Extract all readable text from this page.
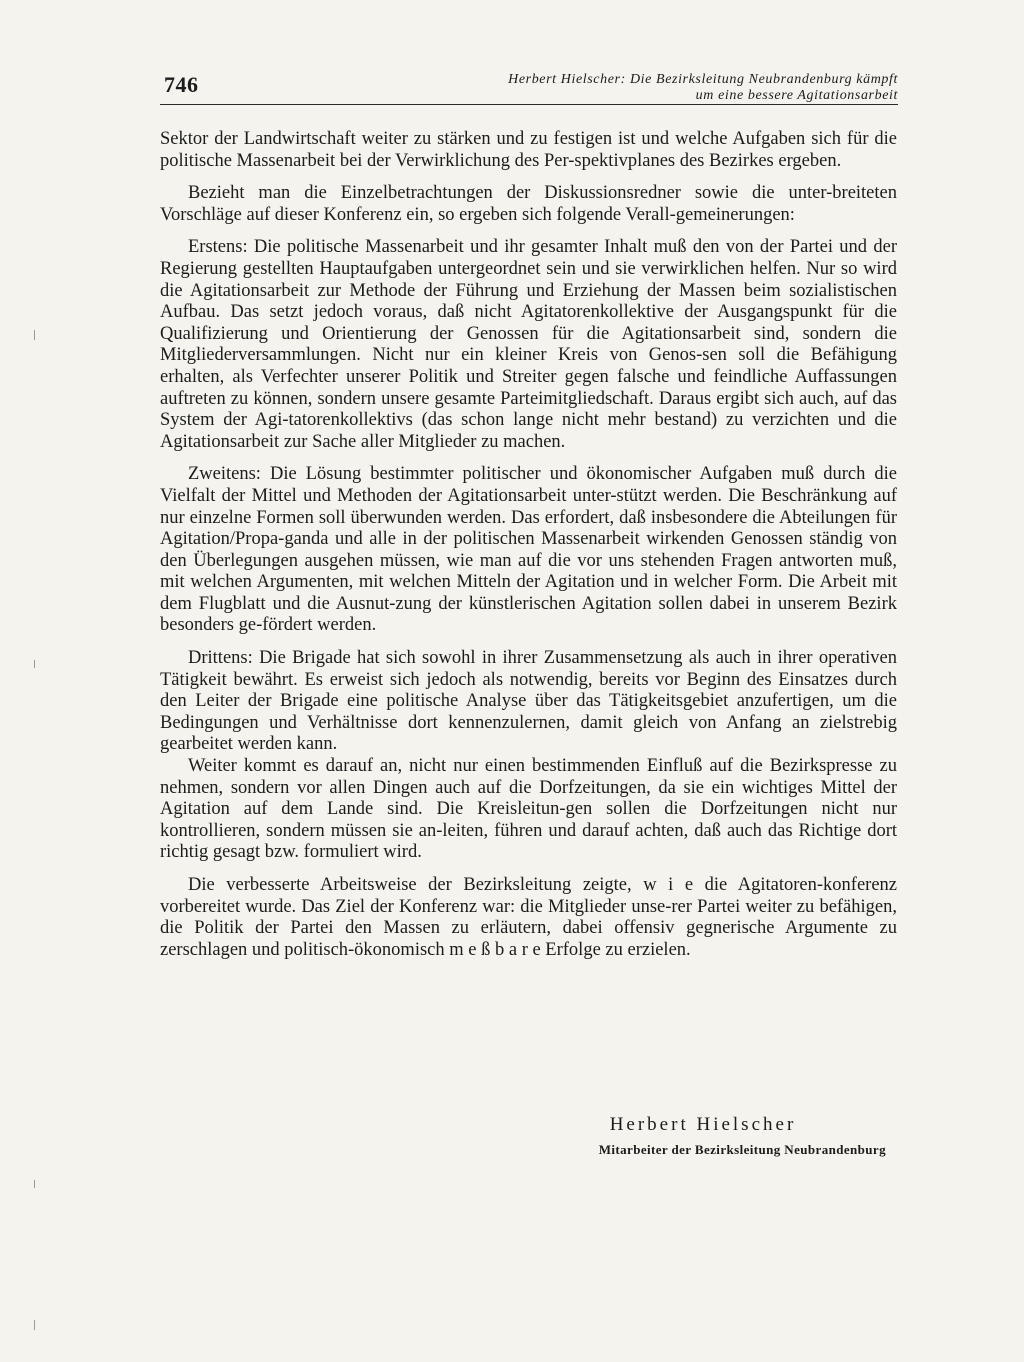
746	Herbert Hielscher: Die Bezirksleitung Neubrandenburg kämpft
um eine bessere Agitationsarbeit

Sektor der Landwirtschaft weiter zu stärken und zu festigen ist und welche Aufgaben sich für die politische Massenarbeit bei der Verwirklichung des Per-spektivplanes des Bezirkes ergeben.

Bezieht man die Einzelbetrachtungen der Diskussionsredner sowie die unter-breiteten Vorschläge auf dieser Konferenz ein, so ergeben sich folgende Verall-gemeinerungen:

Erstens: Die politische Massenarbeit und ihr gesamter Inhalt muß den von der Partei und der Regierung gestellten Hauptaufgaben untergeordnet sein und sie verwirklichen helfen. Nur so wird die Agitationsarbeit zur Methode der Führung und Erziehung der Massen beim sozialistischen Aufbau. Das setzt jedoch voraus, daß nicht Agitatorenkollektive der Ausgangspunkt für die Qualifizierung und Orientierung der Genossen für die Agitationsarbeit sind, sondern die Mitgliederversammlungen. Nicht nur ein kleiner Kreis von Genos-sen soll die Befähigung erhalten, als Verfechter unserer Politik und Streiter gegen falsche und feindliche Auffassungen auftreten zu können, sondern unsere gesamte Parteimitgliedschaft. Daraus ergibt sich auch, auf das System der Agi-tatorenkollektivs (das schon lange nicht mehr bestand) zu verzichten und die Agitationsarbeit zur Sache aller Mitglieder zu machen.

Zweitens: Die Lösung bestimmter politischer und ökonomischer Aufgaben muß durch die Vielfalt der Mittel und Methoden der Agitationsarbeit unter-stützt werden. Die Beschränkung auf nur einzelne Formen soll überwunden werden. Das erfordert, daß insbesondere die Abteilungen für Agitation/Propa-ganda und alle in der politischen Massenarbeit wirkenden Genossen ständig von den Überlegungen ausgehen müssen, wie man auf die vor uns stehenden Fragen antworten muß, mit welchen Argumenten, mit welchen Mitteln der Agitation und in welcher Form. Die Arbeit mit dem Flugblatt und die Ausnut-zung der künstlerischen Agitation sollen dabei in unserem Bezirk besonders ge-fördert werden.

Drittens: Die Brigade hat sich sowohl in ihrer Zusammensetzung als auch in ihrer operativen Tätigkeit bewährt. Es erweist sich jedoch als notwendig, bereits vor Beginn des Einsatzes durch den Leiter der Brigade eine politische Analyse über das Tätigkeitsgebiet anzufertigen, um die Bedingungen und Verhältnisse dort kennenzulernen, damit gleich von Anfang an zielstrebig gearbeitet werden kann.

Weiter kommt es darauf an, nicht nur einen bestimmenden Einfluß auf die Bezirkspresse zu nehmen, sondern vor allen Dingen auch auf die Dorfzeitungen, da sie ein wichtiges Mittel der Agitation auf dem Lande sind. Die Kreisleitun-gen sollen die Dorfzeitungen nicht nur kontrollieren, sondern müssen sie an-leiten, führen und darauf achten, daß auch das Richtige dort richtig gesagt bzw. formuliert wird.

Die verbesserte Arbeitsweise der Bezirksleitung zeigte, w i e die Agitatoren-konferenz vorbereitet wurde. Das Ziel der Konferenz war: die Mitglieder unse-rer Partei weiter zu befähigen, die Politik der Partei den Massen zu erläutern, dabei offensiv gegnerische Argumente zu zerschlagen und politisch-ökonomisch m e ß b a r e Erfolge zu erzielen.

Herbert Hielscher

Mitarbeiter der Bezirksleitung Neubrandenburg
